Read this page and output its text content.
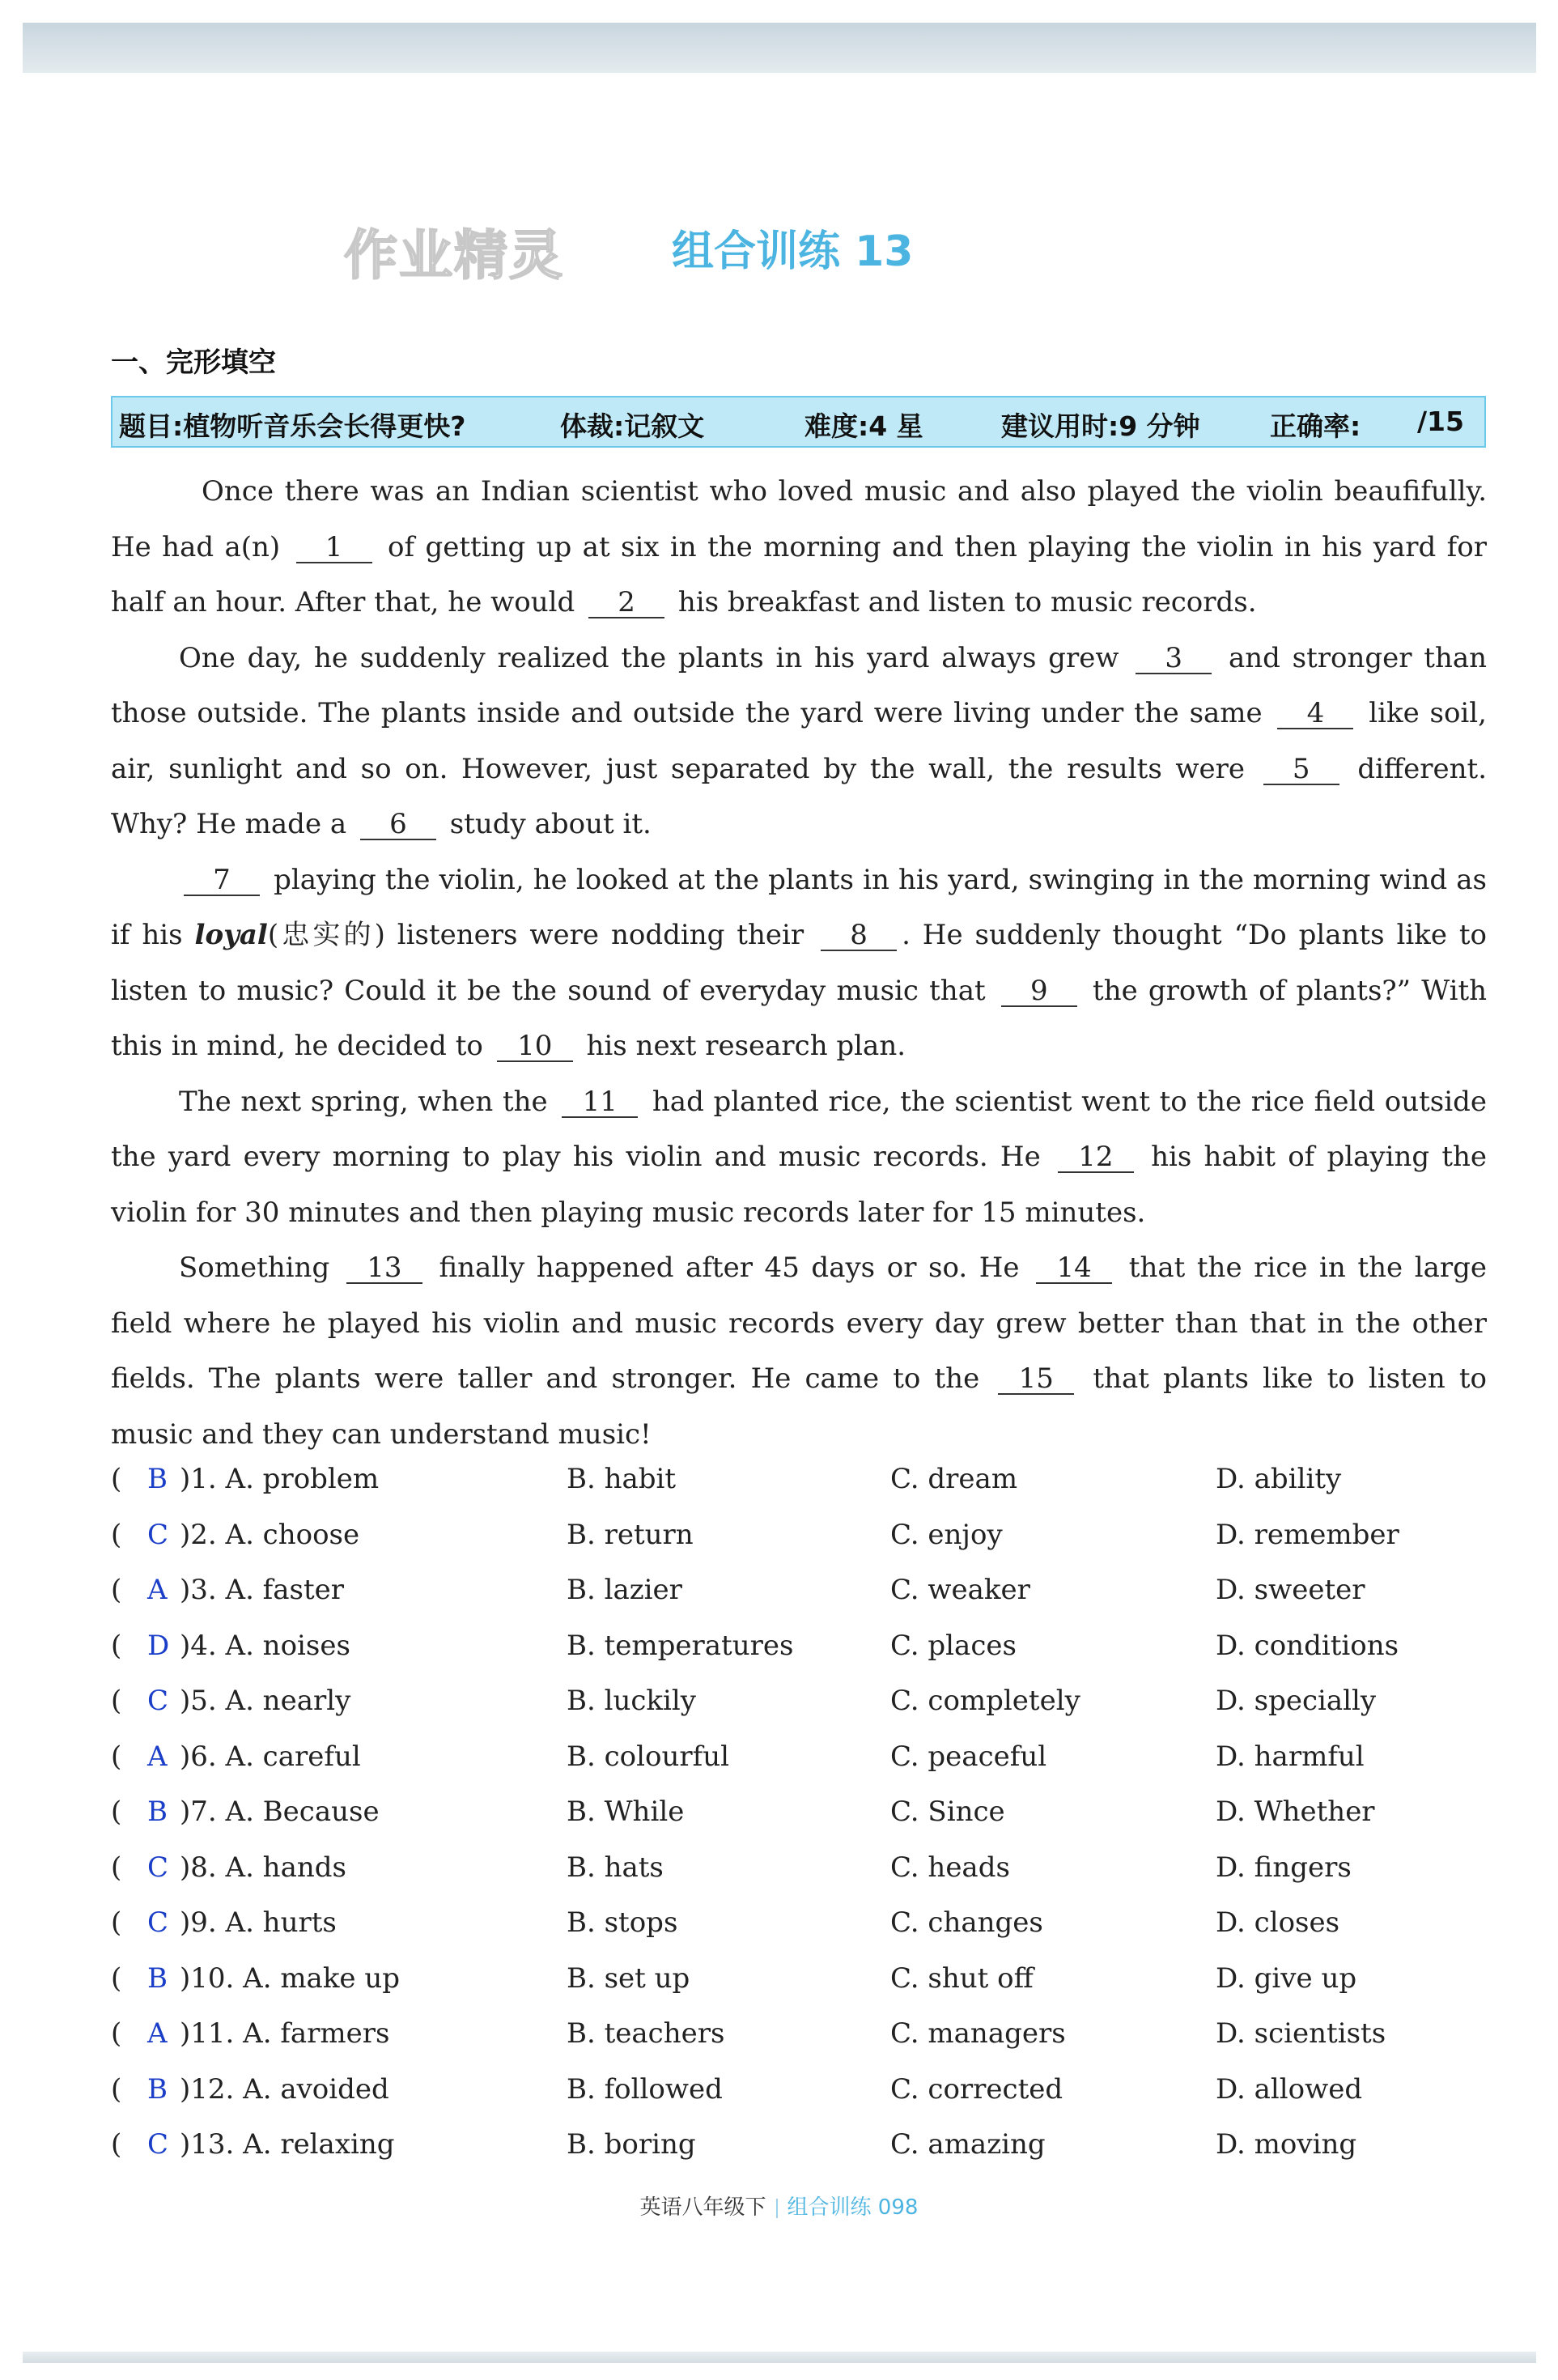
作业精灵	组合训练 13
一、完形填空
题目:植物听音乐会长得更快?	体裁:记叙文	难度:4 星	建议用时:9 分钟	正确率: /15

Once there was an Indian scientist who loved music and also played the violin beaufifully. He had a(n) 1 of getting up at six in the morning and then playing the violin in his yard for half an hour. After that, he would 2 his breakfast and listen to music records.

One day, he suddenly realized the plants in his yard always grew 3 and stronger than those outside. The plants inside and outside the yard were living under the same 4 like soil, air, sunlight and so on. However, just separated by the wall, the results were 5 different. Why? He made a 6 study about it.

7 playing the violin, he looked at the plants in his yard, swinging in the morning wind as if his loyal(忠实的) listeners were nodding their 8 . He suddenly thought “Do plants like to listen to music? Could it be the sound of everyday music that 9 the growth of plants?” With this in mind, he decided to 10 his next research plan.

The next spring, when the 11 had planted rice, the scientist went to the rice field outside the yard every morning to play his violin and music records. He 12 his habit of playing the violin for 30 minutes and then playing music records later for 15 minutes.

Something 13 finally happened after 45 days or so. He 14 that the rice in the large field where he played his violin and music records every day grew better than that in the other fields. The plants were taller and stronger. He came to the 15 that plants like to listen to music and they can understand music!

( B )1. A. problem	B. habit	C. dream	D. ability
( C )2. A. choose	B. return	C. enjoy	D. remember
( A )3. A. faster	B. lazier	C. weaker	D. sweeter
( D )4. A. noises	B. temperatures	C. places	D. conditions
( C )5. A. nearly	B. luckily	C. completely	D. specially
( A )6. A. careful	B. colourful	C. peaceful	D. harmful
( B )7. A. Because	B. While	C. Since	D. Whether
( C )8. A. hands	B. hats	C. heads	D. fingers
( C )9. A. hurts	B. stops	C. changes	D. closes
( B )10. A. make up	B. set up	C. shut off	D. give up
( A )11. A. farmers	B. teachers	C. managers	D. scientists
( B )12. A. avoided	B. followed	C. corrected	D. allowed
( C )13. A. relaxing	B. boring	C. amazing	D. moving
英语八年级下 组合训练 098
